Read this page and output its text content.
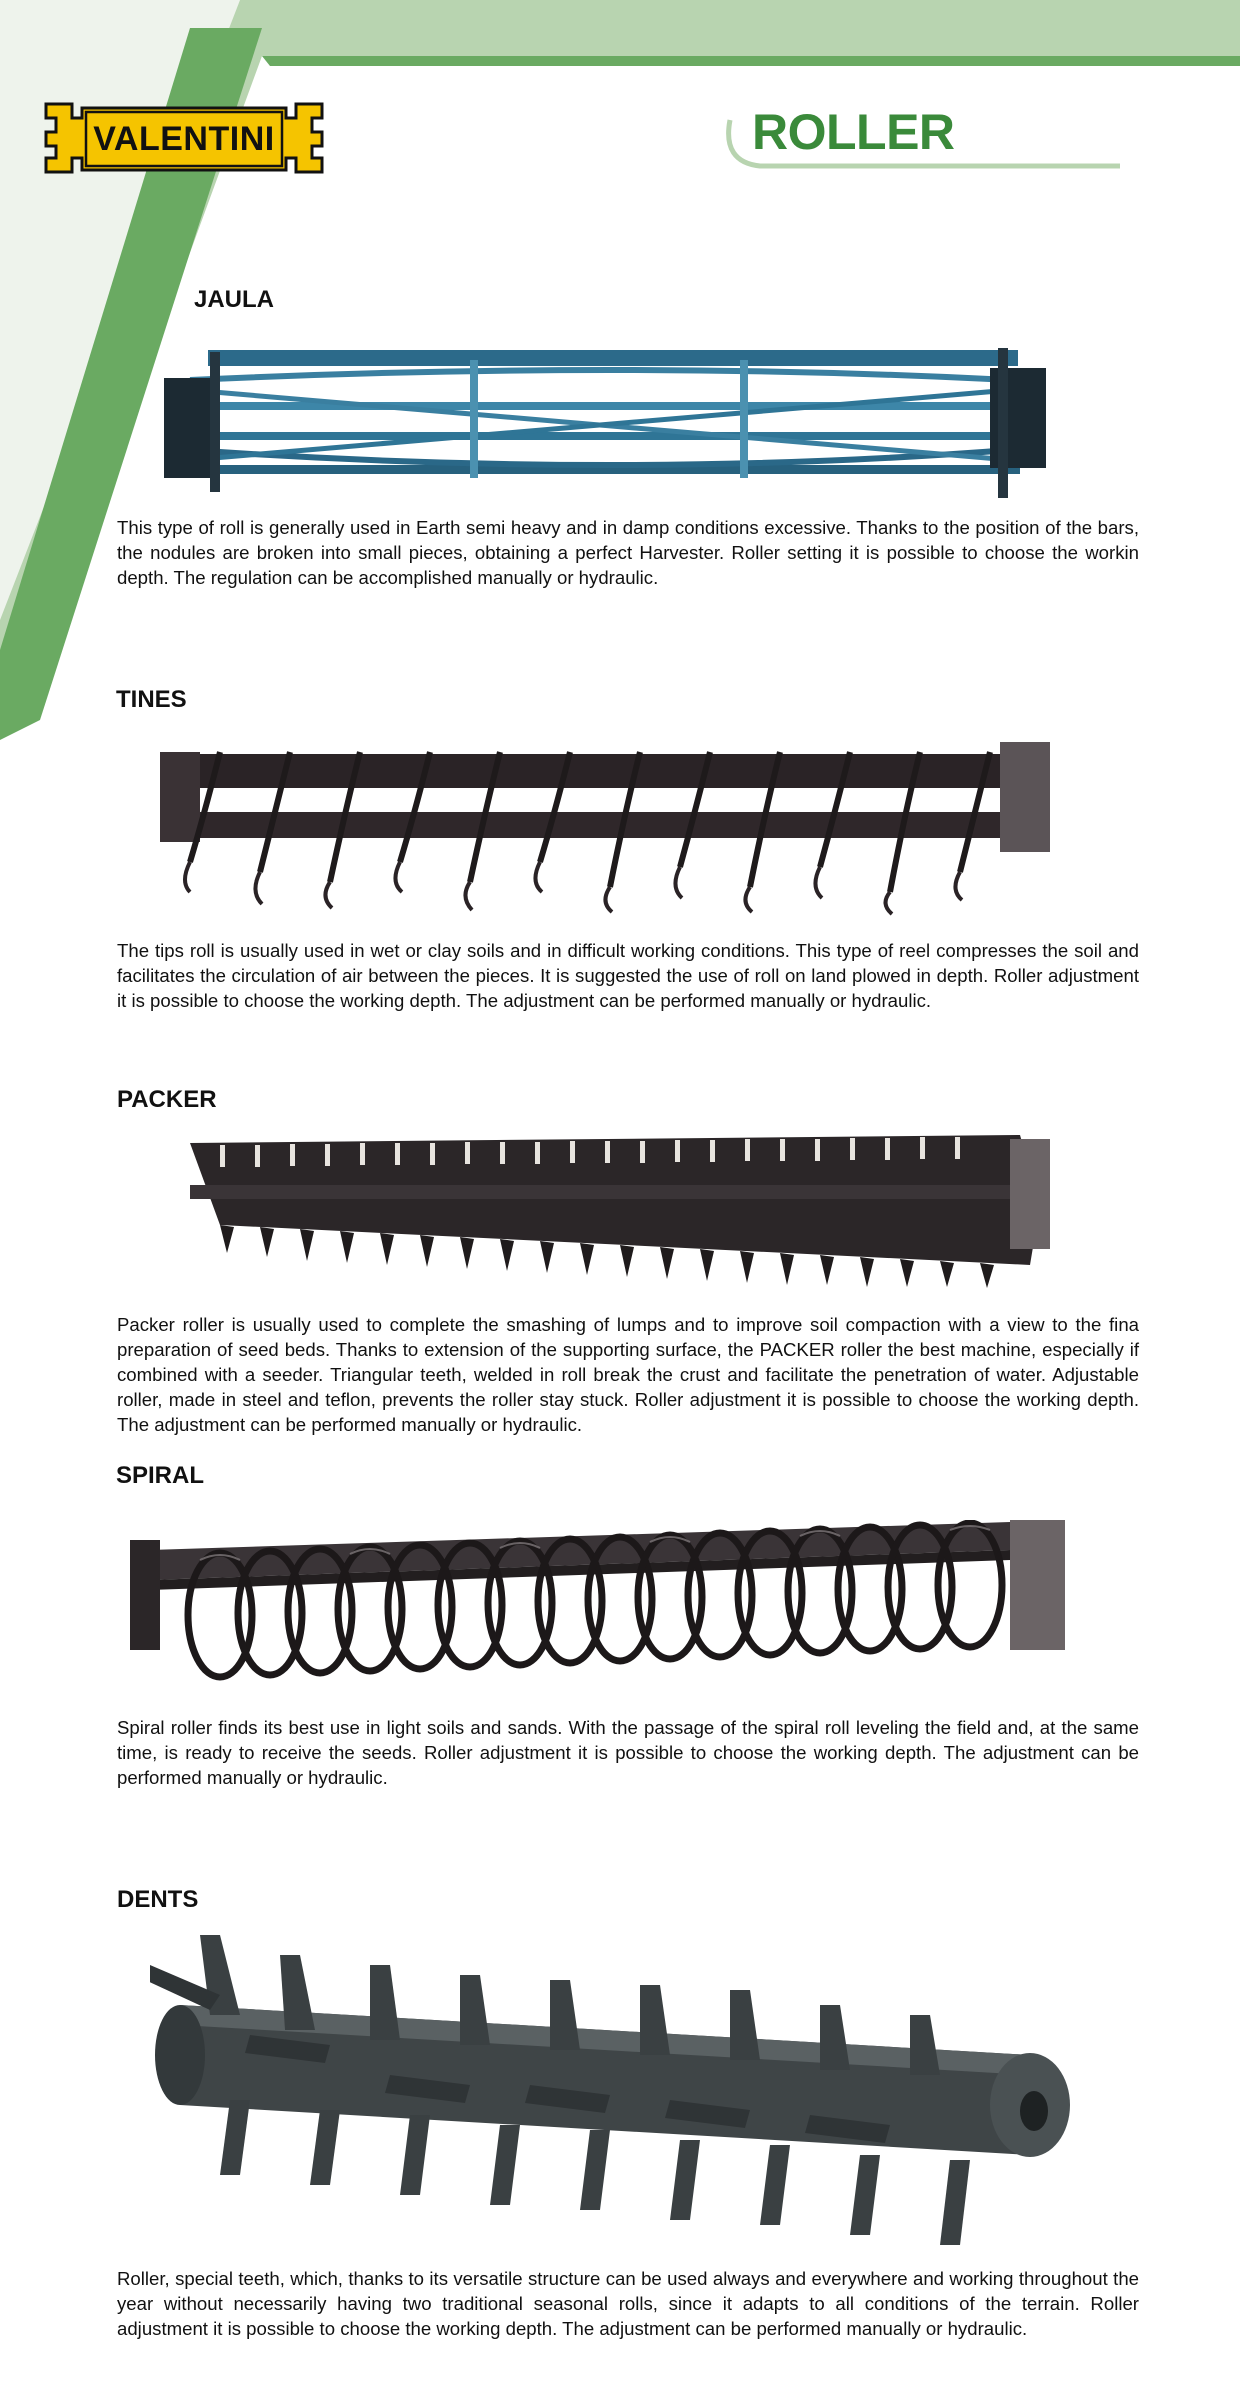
VALENTINI	ROLLER
JAULA
This type of roll is generally used in Earth semi heavy and in damp conditions excessive. Thanks to the position of the bars, the nodules are broken into small pieces, obtaining a perfect Harvester. Roller setting it is possible to choose the workin depth. The regulation can be accomplished manually or hydraulic.
TINES
The tips roll is usually used in wet or clay soils and in difficult working conditions. This type of reel compresses the soil and facilitates the circulation of air between the pieces. It is suggested the use of roll on land plowed in depth. Roller adjustment it is possible to choose the working depth. The adjustment can be performed manually or hydraulic.
PACKER
Packer roller is usually used to complete the smashing of lumps and to improve soil compaction with a view to the fina preparation of seed beds. Thanks to extension of the supporting surface, the PACKER roller the best machine, especially if combined with a seeder. Triangular teeth, welded in roll break the crust and facilitate the penetration of water. Adjustable roller, made in steel and teflon, prevents the roller stay stuck. Roller adjustment it is possible to choose the working depth. The adjustment can be performed manually or hydraulic.
SPIRAL
Spiral roller finds its best use in light soils and sands. With the passage of the spiral roll leveling the field and, at the same time, is ready to receive the seeds. Roller adjustment it is possible to choose the working depth. The adjustment can be performed manually or hydraulic.
DENTS
Roller, special teeth, which, thanks to its versatile structure can be used always and everywhere and working throughout the year without necessarily having two traditional seasonal rolls, since it adapts to all conditions of the terrain. Roller adjustment it is possible to choose the working depth. The adjustment can be performed manually or hydraulic.
